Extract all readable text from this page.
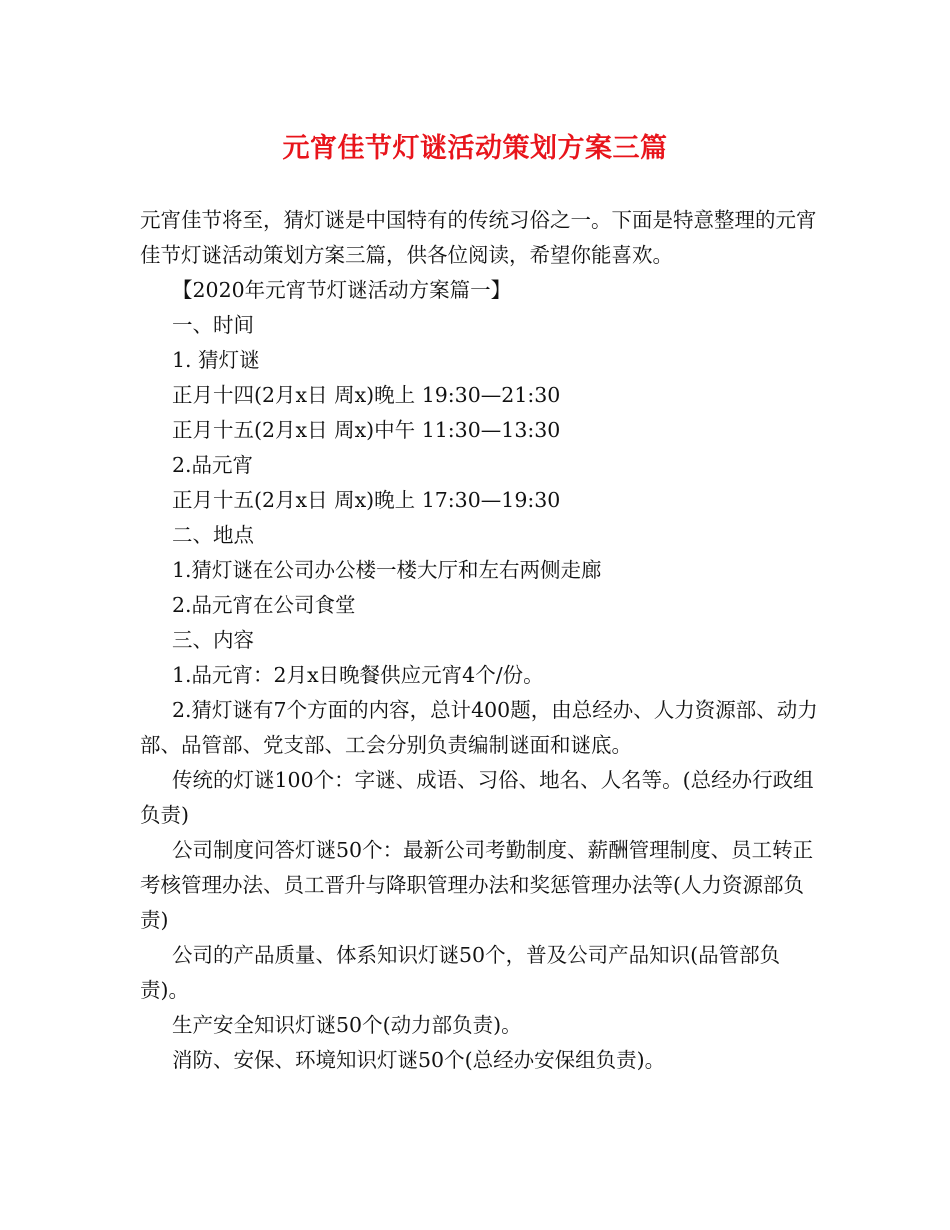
元宵佳节灯谜活动策划方案三篇

元宵佳节将至，猜灯谜是中国特有的传统习俗之一。下面是特意整理的元宵佳节灯谜活动策划方案三篇，供各位阅读，希望你能喜欢。

【2020年元宵节灯谜活动方案篇一】

一、时间

1. 猜灯谜

正月十四(2月x日 周x)晚上 19:30—21:30

正月十五(2月x日 周x)中午 11:30—13:30

2.品元宵

正月十五(2月x日 周x)晚上 17:30—19:30

二、地点

1.猜灯谜在公司办公楼一楼大厅和左右两侧走廊

2.品元宵在公司食堂

三、内容

1.品元宵：2月x日晚餐供应元宵4个/份。

2.猜灯谜有7个方面的内容，总计400题，由总经办、人力资源部、动力部、品管部、党支部、工会分别负责编制谜面和谜底。

传统的灯谜100个：字谜、成语、习俗、地名、人名等。(总经办行政组负责)

公司制度问答灯谜50个：最新公司考勤制度、薪酬管理制度、员工转正考核管理办法、员工晋升与降职管理办法和奖惩管理办法等(人力资源部负责)

公司的产品质量、体系知识灯谜50个，普及公司产品知识(品管部负责)。

生产安全知识灯谜50个(动力部负责)。

消防、安保、环境知识灯谜50个(总经办安保组负责)。
